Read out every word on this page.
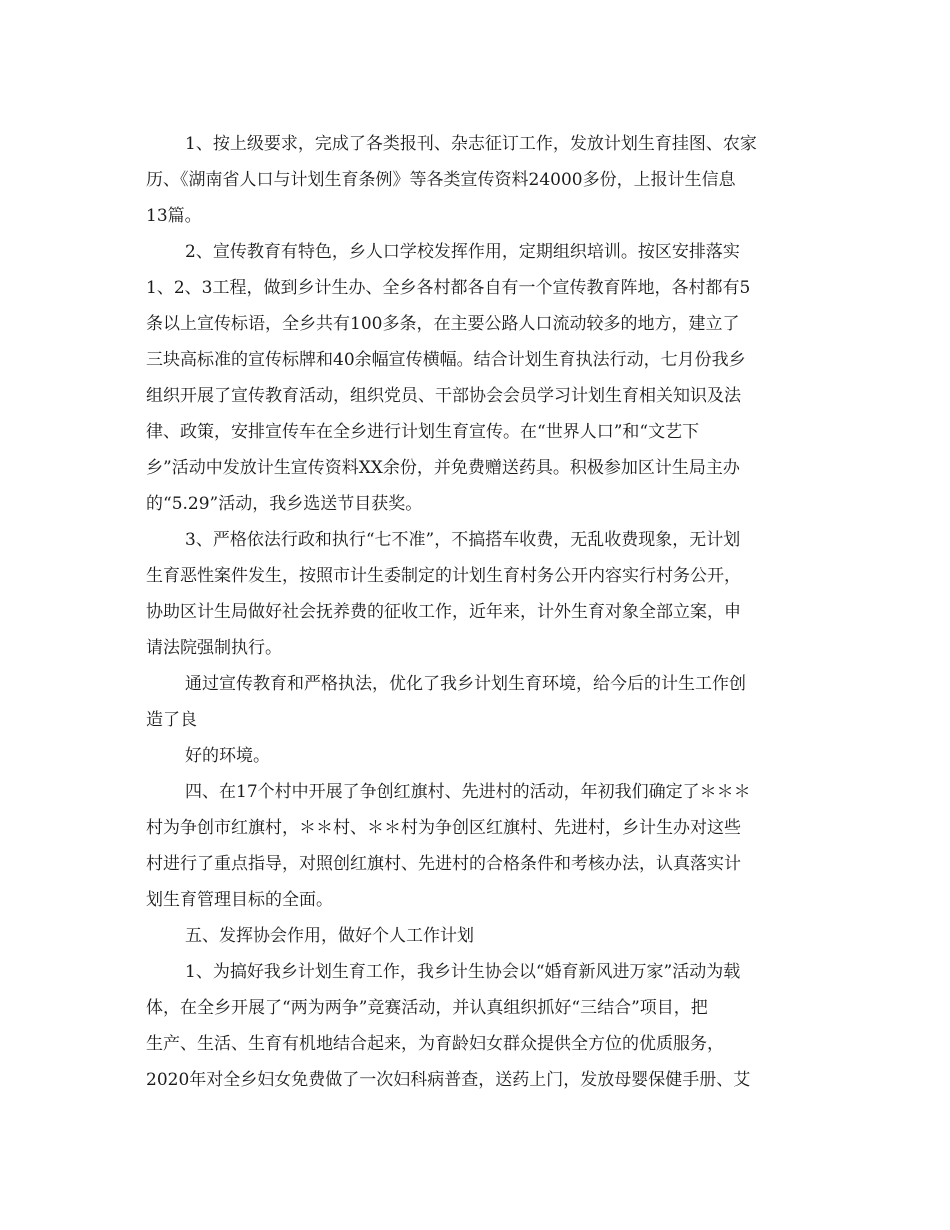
1、按上级要求，完成了各类报刊、杂志征订工作，发放计划生育挂图、农家
历、《湖南省人口与计划生育条例》等各类宣传资料24000多份，上报计生信息
13篇。
2、宣传教育有特色，乡人口学校发挥作用，定期组织培训。按区安排落实
1、2、3工程，做到乡计生办、全乡各村都各自有一个宣传教育阵地，各村都有5
条以上宣传标语，全乡共有100多条，在主要公路人口流动较多的地方，建立了
三块高标准的宣传标牌和40余幅宣传横幅。结合计划生育执法行动，七月份我乡
组织开展了宣传教育活动，组织党员、干部协会会员学习计划生育相关知识及法
律、政策，安排宣传车在全乡进行计划生育宣传。在“世界人口”和“文艺下
乡”活动中发放计生宣传资料XX余份，并免费赠送药具。积极参加区计生局主办
的“5.29”活动，我乡选送节目获奖。
3、严格依法行政和执行“七不准”，不搞搭车收费，无乱收费现象，无计划
生育恶性案件发生，按照市计生委制定的计划生育村务公开内容实行村务公开，
协助区计生局做好社会抚养费的征收工作，近年来，计外生育对象全部立案，申
请法院强制执行。
通过宣传教育和严格执法，优化了我乡计划生育环境，给今后的计生工作创
造了良
好的环境。
四、在17个村中开展了争创红旗村、先进村的活动，年初我们确定了＊＊＊
村为争创市红旗村，＊＊村、＊＊村为争创区红旗村、先进村，乡计生办对这些
村进行了重点指导，对照创红旗村、先进村的合格条件和考核办法，认真落实计
划生育管理目标的全面。
五、发挥协会作用，做好个人工作计划
1、为搞好我乡计划生育工作，我乡计生协会以“婚育新风进万家”活动为载
体，在全乡开展了“两为两争”竞赛活动，并认真组织抓好“三结合”项目，把
生产、生活、生育有机地结合起来，为育龄妇女群众提供全方位的优质服务，
2020年对全乡妇女免费做了一次妇科病普查，送药上门，发放母婴保健手册、艾
